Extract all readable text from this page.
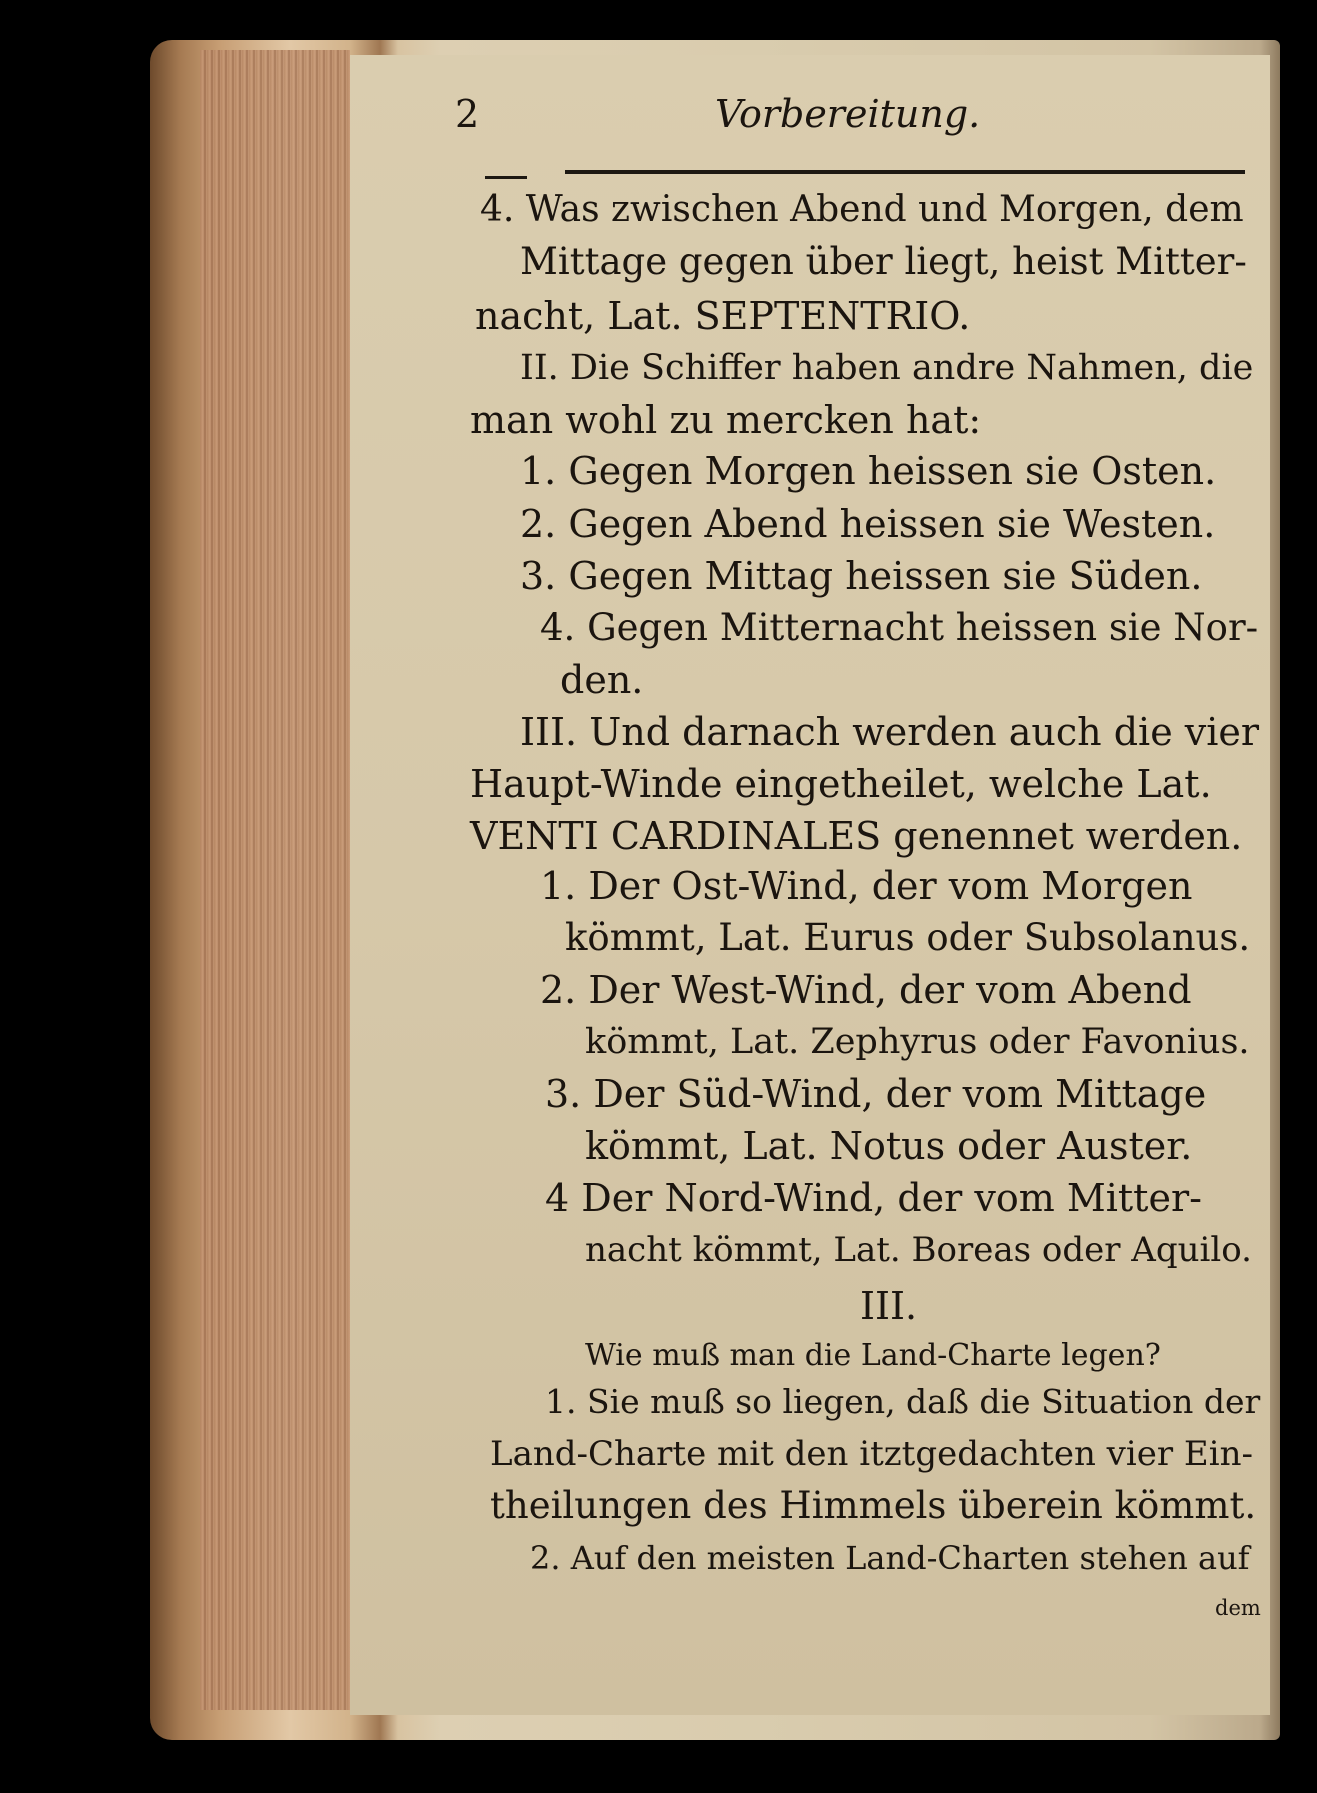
2	Vorbereitung.
4. Was zwischen Abend und Morgen, dem
Mittage gegen über liegt, heist Mitter-
nacht, Lat. SEPTENTRIO.
II. Die Schiffer haben andre Nahmen, die
man wohl zu mercken hat:
1. Gegen Morgen heissen sie Osten.
2. Gegen Abend heissen sie Westen.
3. Gegen Mittag heissen sie Süden.
4. Gegen Mitternacht heissen sie Nor-
den.
III. Und darnach werden auch die vier
Haupt-Winde eingetheilet, welche Lat.
VENTI CARDINALES genennet werden.
1. Der Ost-Wind, der vom Morgen
kömmt, Lat. Eurus oder Subsolanus.
2. Der West-Wind, der vom Abend
kömmt, Lat. Zephyrus oder Favonius.
3. Der Süd-Wind, der vom Mittage
kömmt, Lat. Notus oder Auster.
4 Der Nord-Wind, der vom Mitter-
nacht kömmt, Lat. Boreas oder Aquilo.
III.
Wie muß man die Land-Charte legen?
1. Sie muß so liegen, daß die Situation der
Land-Charte mit den itztgedachten vier Ein-
theilungen des Himmels überein kömmt.
2. Auf den meisten Land-Charten stehen auf
dem
